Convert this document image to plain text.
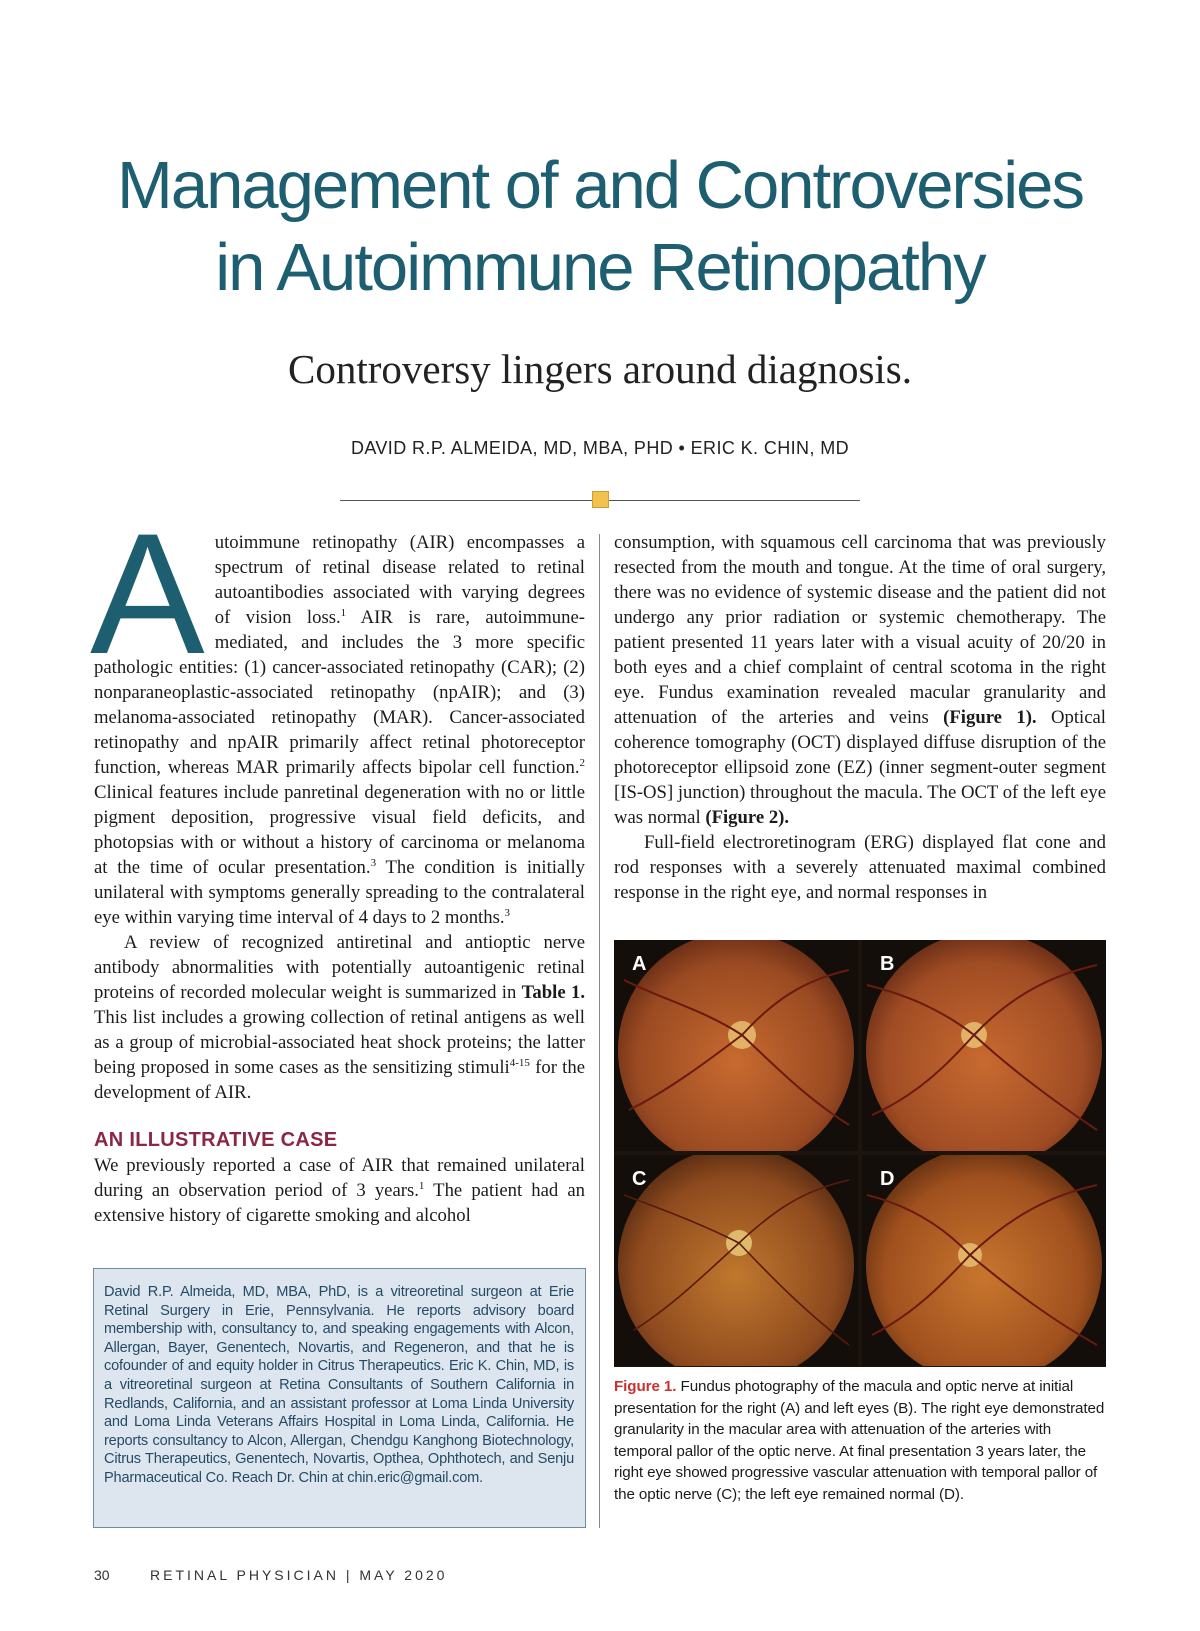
Management of and Controversies
in Autoimmune Retinopathy
Controversy lingers around diagnosis.
DAVID R.P. ALMEIDA, MD, MBA, PHD • ERIC K. CHIN, MD

Autoimmune retinopathy (AIR) encompasses a spectrum of retinal disease related to retinal autoantibodies associated with varying degrees of vision loss.$^1$ AIR is rare, autoimmune-mediated, and includes the 3 more specific pathologic entities: (1) cancer-associated retinopathy (CAR); (2) nonparaneoplastic-associated retinopathy (npAIR); and (3) melanoma-associated retinopathy (MAR). Cancer-associated retinopathy and npAIR primarily affect retinal photoreceptor function, whereas MAR primarily affects bipolar cell function.$^2$ Clinical features include panretinal degeneration with no or little pigment deposition, progressive visual field deficits, and photopsias with or without a history of carcinoma or melanoma at the time of ocular presentation.$^3$ The condition is initially unilateral with symptoms generally spreading to the contralateral eye within varying time interval of 4 days to 2 months.$^3$

A review of recognized antiretinal and antioptic nerve antibody abnormalities with potentially autoantigenic retinal proteins of recorded molecular weight is summarized in Table 1. This list includes a growing collection of retinal antigens as well as a group of microbial-associated heat shock proteins; the latter being proposed in some cases as the sensitizing stimuli$^{4-15}$ for the development of AIR.

AN ILLUSTRATIVE CASE

We previously reported a case of AIR that remained unilateral during an observation period of 3 years.$^1$ The patient had an extensive history of cigarette smoking and alcohol

David R.P. Almeida, MD, MBA, PhD, is a vitreoretinal surgeon at Erie Retinal Surgery in Erie, Pennsylvania. He reports advisory board membership with, consultancy to, and speaking engagements with Alcon, Allergan, Bayer, Genentech, Novartis, and Regeneron, and that he is cofounder of and equity holder in Citrus Therapeutics. Eric K. Chin, MD, is a vitreoretinal surgeon at Retina Consultants of Southern California in Redlands, California, and an assistant professor at Loma Linda University and Loma Linda Veterans Affairs Hospital in Loma Linda, California. He reports consultancy to Alcon, Allergan, Chendgu Kanghong Biotechnology, Citrus Therapeutics, Genentech, Novartis, Opthea, Ophthotech, and Senju Pharmaceutical Co. Reach Dr. Chin at chin.eric@gmail.com.

consumption, with squamous cell carcinoma that was previously resected from the mouth and tongue. At the time of oral surgery, there was no evidence of systemic disease and the patient did not undergo any prior radiation or systemic chemotherapy. The patient presented 11 years later with a visual acuity of 20/20 in both eyes and a chief complaint of central scotoma in the right eye. Fundus examination revealed macular granularity and attenuation of the arteries and veins (Figure 1). Optical coherence tomography (OCT) displayed diffuse disruption of the photoreceptor ellipsoid zone (EZ) (inner segment-outer segment [IS-OS] junction) throughout the macula. The OCT of the left eye was normal (Figure 2).

Full-field electroretinogram (ERG) displayed flat cone and rod responses with a severely attenuated maximal combined response in the right eye, and normal responses in

A	B
C	D
Figure 1. Fundus photography of the macula and optic nerve at initial presentation for the right (A) and left eyes (B). The right eye demonstrated granularity in the macular area with attenuation of the arteries with temporal pallor of the optic nerve. At final presentation 3 years later, the right eye showed progressive vascular attenuation with temporal pallor of the optic nerve (C); the left eye remained normal (D).
30	RETINAL PHYSICIAN | MAY 2020
